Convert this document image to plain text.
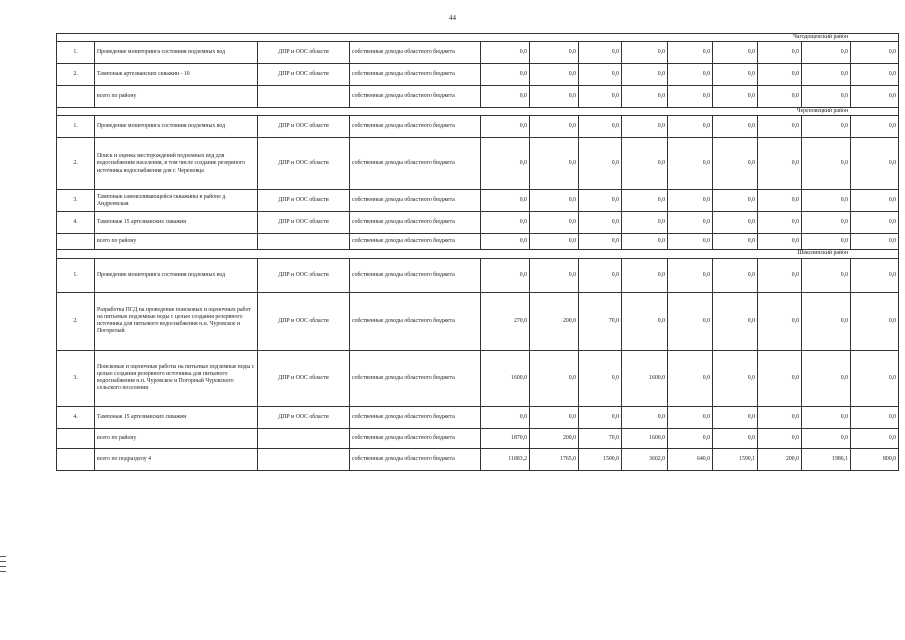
44
Чагодощенский район												
1.	Проведение мониторинга состояния подземных вод	ДПР и ООС области	собственные доходы областного бюджета	0,0	0,0	0,0	0,0	0,0	0,0	0,0	0,0	0,0
2.	Тампонаж артезианских скважин - 10	ДПР и ООС области	собственные доходы областного бюджета	0,0	0,0	0,0	0,0	0,0	0,0	0,0	0,0	0,0
	всего по району		собственные доходы областного бюджета	0,0	0,0	0,0	0,0	0,0	0,0	0,0	0,0	0,0
Череповецкий район												
1.	Проведение мониторинга состояния подземных вод	ДПР и ООС области	собственные доходы областного бюджета	0,0	0,0	0,0	0,0	0,0	0,0	0,0	0,0	0,0
2.	Поиск и оценка месторождений подземных вод для водоснабжения населения, в том числе создание резервного источника водоснабжения для г. Череповца	ДПР и ООС области	собственные доходы областного бюджета	0,0	0,0	0,0	0,0	0,0	0,0	0,0	0,0	0,0
3.	Тампонаж самоизливающейся скважины в районе д. Андреевская	ДПР и ООС области	собственные доходы областного бюджета	0,0	0,0	0,0	0,0	0,0	0,0	0,0	0,0	0,0
4.	Тампонаж 15 артезианских скважин	ДПР и ООС области	собственные доходы областного бюджета	0,0	0,0	0,0	0,0	0,0	0,0	0,0	0,0	0,0
	всего по району		собственные доходы областного бюджета	0,0	0,0	0,0	0,0	0,0	0,0	0,0	0,0	0,0
Шекснинский район												
1.	Проведение мониторинга состояния подземных вод	ДПР и ООС области	собственные доходы областного бюджета	0,0	0,0	0,0	0,0	0,0	0,0	0,0	0,0	0,0
2.	Разработка ПСД на проведение поисковых и оценочных работ на питьевые подземные воды с целью создания резервного источника для питьевого водоснабжения н.п. Чуровское и Погорелый	ДПР и ООС области	собственные доходы областного бюджета	270,0	200,0	70,0	0,0	0,0	0,0	0,0	0,0	0,0
3.	Поисковые и оценочные работы на питьевые подземные воды с целью создания резервного источника для питьевого водоснабжения н.п. Чуровское и Погорный Чуровского сельского поселения	ДПР и ООС области	собственные доходы областного бюджета	1600,0	0,0	0,0	1600,0	0,0	0,0	0,0	0,0	0,0
4.	Тампонаж 15 артезианских скважин	ДПР и ООС области	собственные доходы областного бюджета	0,0	0,0	0,0	0,0	0,0	0,0	0,0	0,0	0,0
	всего по району		собственные доходы областного бюджета	1870,0	200,0	70,0	1600,0	0,0	0,0	0,0	0,0	0,0
	всего по подразделу 4		собственные доходы областного бюджета	11883,2	1765,0	1500,0	3602,0	640,0	1590,1	200,0	1986,1	800,0
